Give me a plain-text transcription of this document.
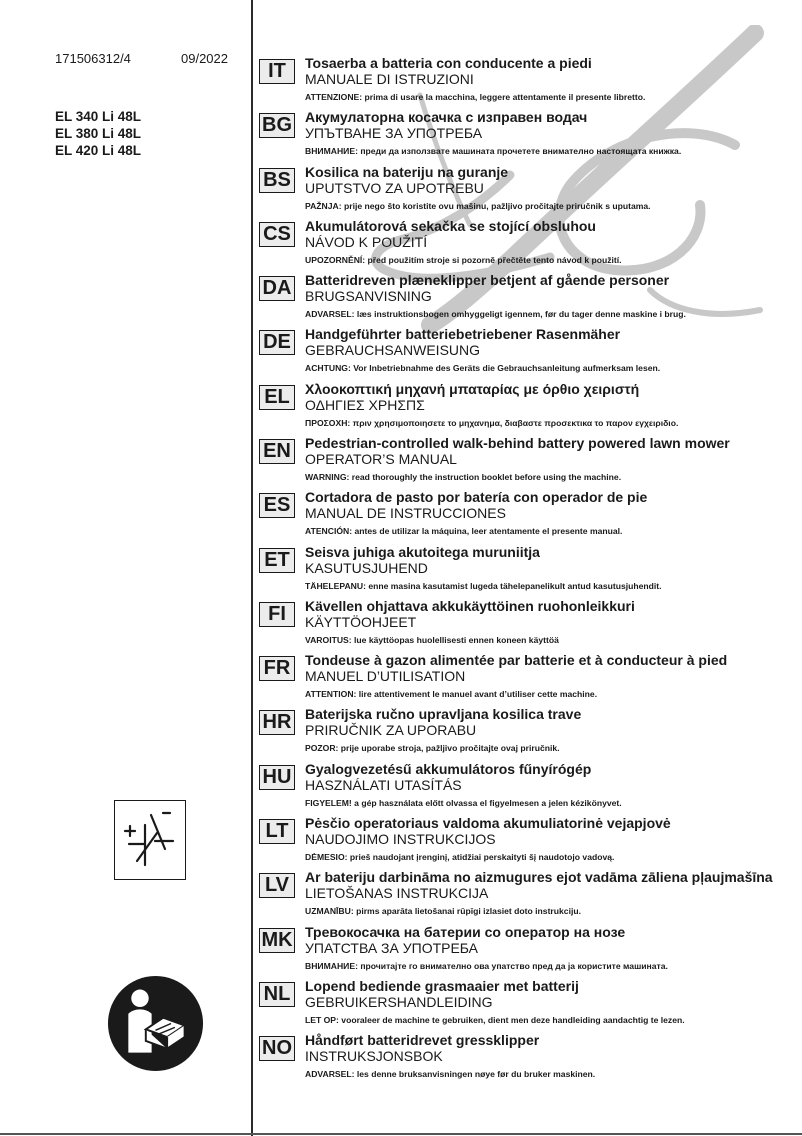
171506312/4	09/2022
EL 340 Li 48L
EL 380 Li 48L
EL 420 Li 48L
IT	Tosaerba a batteria con conducente a piedi
MANUALE DI ISTRUZIONI
ATTENZIONE: prima di usare la macchina, leggere attentamente il presente libretto.
BG Акумулаторна косачка с изправен водач
УПЪТВАНЕ ЗА УПОТРЕБА
ВНИМАНИЕ: преди да използвате машината прочетете внимателно настоящата книжка.
BS Kosilica na bateriju na guranje
UPUTSTVO ZA UPOTREBU
PAŽNJA: prije nego što koristite ovu mašinu, pažljivo pročitajte priručnik s uputama.
CS Akumulátorová sekačka se stojící obsluhou
NÁVOD K POUŽITÍ
UPOZORNĚNÍ: před použitím stroje si pozorně přečtěte tento návod k použití.
DA Batteridreven plæneklipper betjent af gående personer
BRUGSANVISNING
ADVARSEL: læs instruktionsbogen omhyggeligt igennem, før du tager denne maskine i brug.
DE Handgeführter batteriebetriebener Rasenmäher
GEBRAUCHSANWEISUNG
ACHTUNG: Vor Inbetriebnahme des Geräts die Gebrauchsanleitung aufmerksam lesen.
EL	Χλοοκοπτική μηχανή μπαταρίας με όρθιο χειριστή
ΟΔΗΓΙΕΣ ΧΡΗΣΠΣ
ΠΡΟΣΟΧΗ: πριν χρησιμοποιησετε το μηχανημα, διαβαστε προσεκτικα το παρον εγχειριδιο.
EN Pedestrian-controlled walk-behind battery powered lawn mower
OPERATOR’S MANUAL
WARNING: read thoroughly the instruction booklet before using the machine.
ES	Cortadora de pasto por batería con operador de pie
MANUAL DE INSTRUCCIONES
ATENCIÓN: antes de utilizar la máquina, leer atentamente el presente manual.
ET	Seisva juhiga akutoitega muruniitja
KASUTUSJUHEND
TÄHELEPANU: enne masina kasutamist lugeda tähelepanelikult antud kasutusjuhendit.
FI	Kävellen ohjattava akkukäyttöinen ruohonleikkuri
KÄYTTÖOHJEET
VAROITUS: lue käyttöopas huolellisesti ennen koneen käyttöä
FR	Tondeuse à gazon alimentée par batterie et à conducteur à pied
MANUEL D’UTILISATION
ATTENTION: lire attentivement le manuel avant d’utiliser cette machine.
HR Baterijska ručno upravljana kosilica trave
PRIRUČNIK ZA UPORABU
POZOR: prije uporabe stroja, pažljivo pročitajte ovaj priručnik.
HU Gyalogvezetésű akkumulátoros fűnyírógép
HASZNÁLATI UTASÍTÁS
FIGYELEM! a gép használata előtt olvassa el figyelmesen a jelen kézikönyvet.
LT	Pėsčio operatoriaus valdoma akumuliatorinė vejapjovė
NAUDOJIMO INSTRUKCIJOS
DĖMESIO: prieš naudojant įrenginį, atidžiai perskaityti šį naudotojo vadovą.
LV	Ar bateriju darbināma no aizmugures ejot vadāma zāliena pļaujmašīna
LIETOŠANAS INSTRUKCIJA
UZMANĪBU: pirms aparāta lietošanai rūpīgi izlasiet doto instrukciju.
MK Тревокосачка на батерии со оператор на нозе
УПАТСТВА ЗА УПОТРЕБА
ВНИМАНИЕ: прочитајте го внимателно ова упатство пред да ја користите машината.
NL	Lopend bediende grasmaaier met batterij
GEBRUIKERSHANDLEIDING
LET OP: vooraleer de machine te gebruiken, dient men deze handleiding aandachtig te lezen.
NO Håndført batteridrevet gressklipper
INSTRUKSJONSBOK
ADVARSEL: les denne bruksanvisningen nøye før du bruker maskinen.
